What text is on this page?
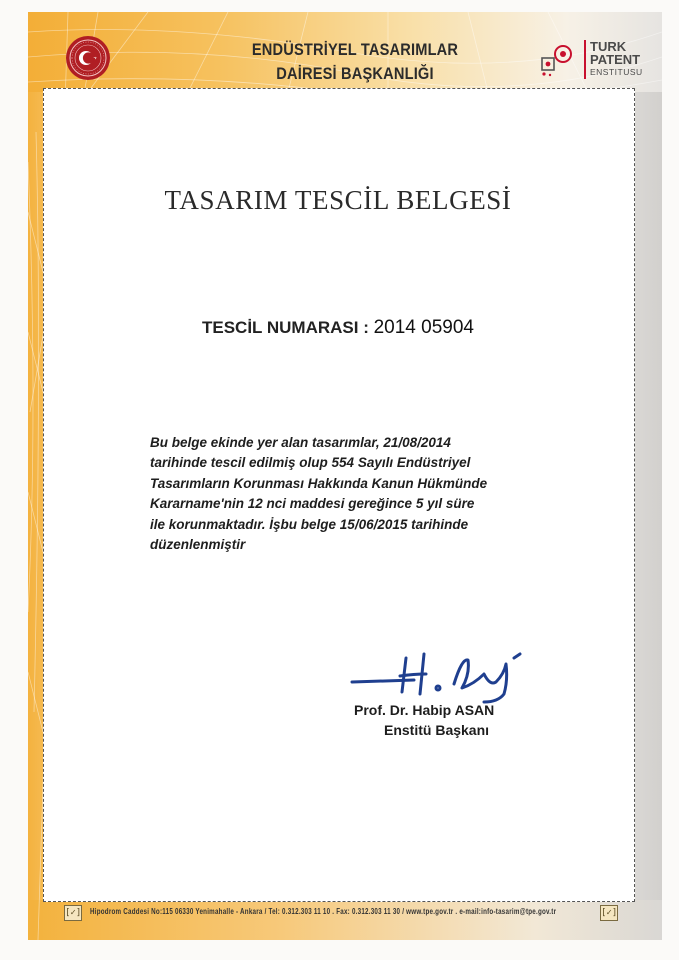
ENDÜSTRİYEL TASARIMLAR
DAİRESİ BAŞKANLIĞI
TURK
PATENT
ENSTITUSU
TASARIM TESCİL BELGESİ
TESCİL NUMARASI : 2014 05904
Bu belge ekinde yer alan tasarımlar, 21/08/2014
tarihinde tescil edilmiş olup 554 Sayılı Endüstriyel
Tasarımların Korunması Hakkında Kanun Hükmünde
Kararname'nin 12 nci maddesi gereğince 5 yıl süre
ile korunmaktadır. İşbu belge 15/06/2015 tarihinde
düzenlenmiştir
Prof. Dr. Habip ASAN
Enstitü Başkanı
[✓] Hipodrom Caddesi No:115 06330 Yenimahalle - Ankara / Tel: 0.312.303 11 10 . Fax: 0.312.303 11 30 / www.tpe.gov.tr . e-mail:info-tasarim@tpe.gov.tr	[✓]
